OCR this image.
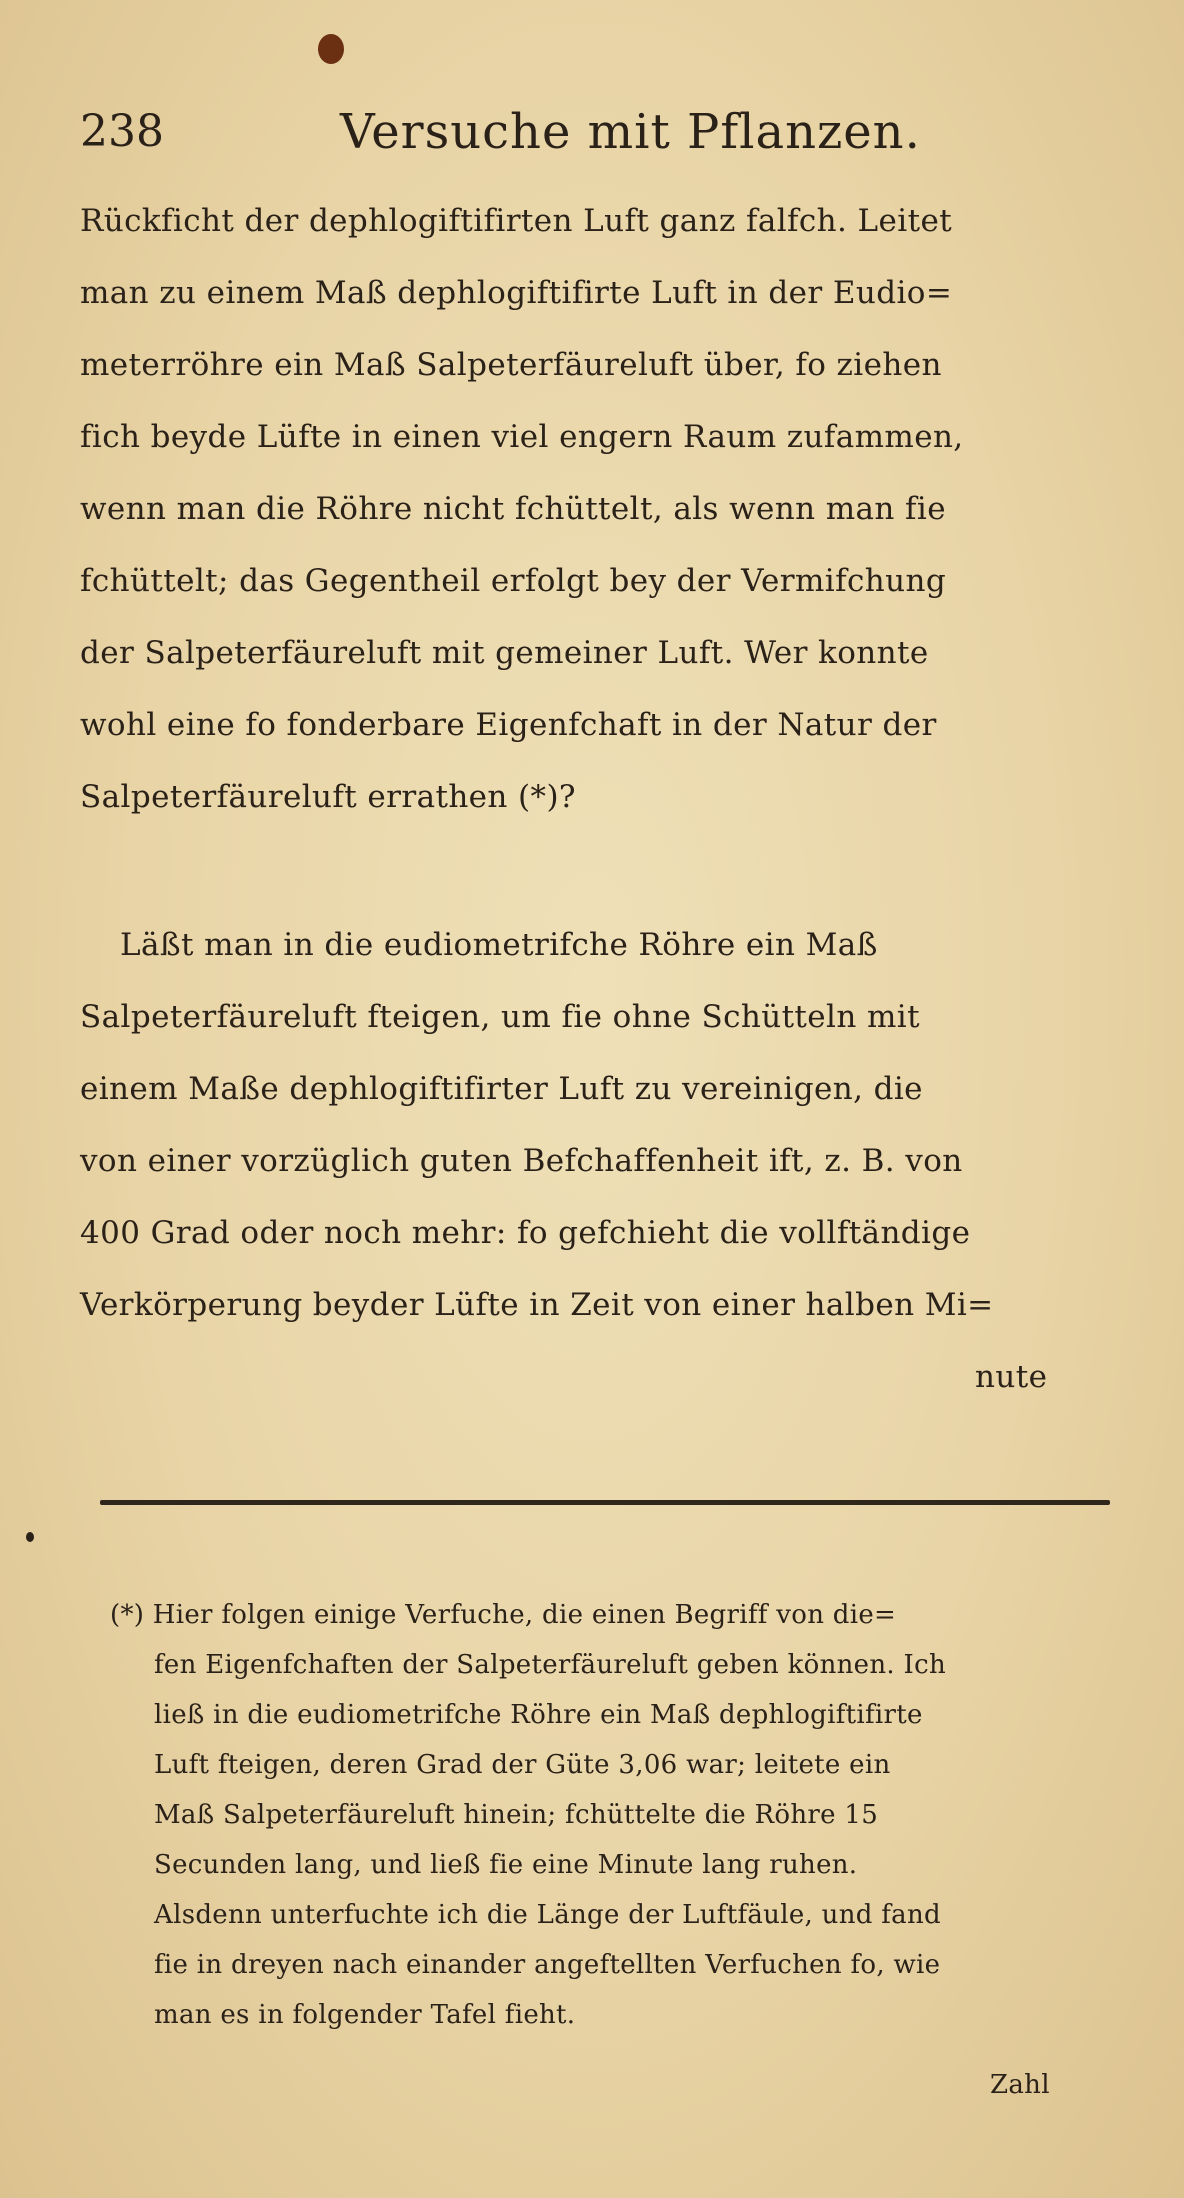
238	Versuche mit Pflanzen.
Rückficht der dephlogiftifirten Luft ganz falfch. Leitet
man zu einem Maß dephlogiftifirte Luft in der Eudio=
meterröhre ein Maß Salpeterfäureluft über, fo ziehen
fich beyde Lüfte in einen viel engern Raum zufammen,
wenn man die Röhre nicht fchüttelt, als wenn man fie
fchüttelt; das Gegentheil erfolgt bey der Vermifchung
der Salpeterfäureluft mit gemeiner Luft. Wer konnte
wohl eine fo fonderbare Eigenfchaft in der Natur der
Salpeterfäureluft errathen (*)?
Läßt man in die eudiometrifche Röhre ein Maß
Salpeterfäureluft fteigen, um fie ohne Schütteln mit
einem Maße dephlogiftifirter Luft zu vereinigen, die
von einer vorzüglich guten Befchaffenheit ift, z. B. von
400 Grad oder noch mehr: fo gefchieht die vollftändige
Verkörperung beyder Lüfte in Zeit von einer halben Mi=
nute
(*) Hier folgen einige Verfuche, die einen Begriff von die=
fen Eigenfchaften der Salpeterfäureluft geben können. Ich
ließ in die eudiometrifche Röhre ein Maß dephlogiftifirte
Luft fteigen, deren Grad der Güte 3,06 war; leitete ein
Maß Salpeterfäureluft hinein; fchüttelte die Röhre 15
Secunden lang, und ließ fie eine Minute lang ruhen.
Alsdenn unterfuchte ich die Länge der Luftfäule, und fand
fie in dreyen nach einander angeftellten Verfuchen fo, wie
man es in folgender Tafel fieht.
Zahl
